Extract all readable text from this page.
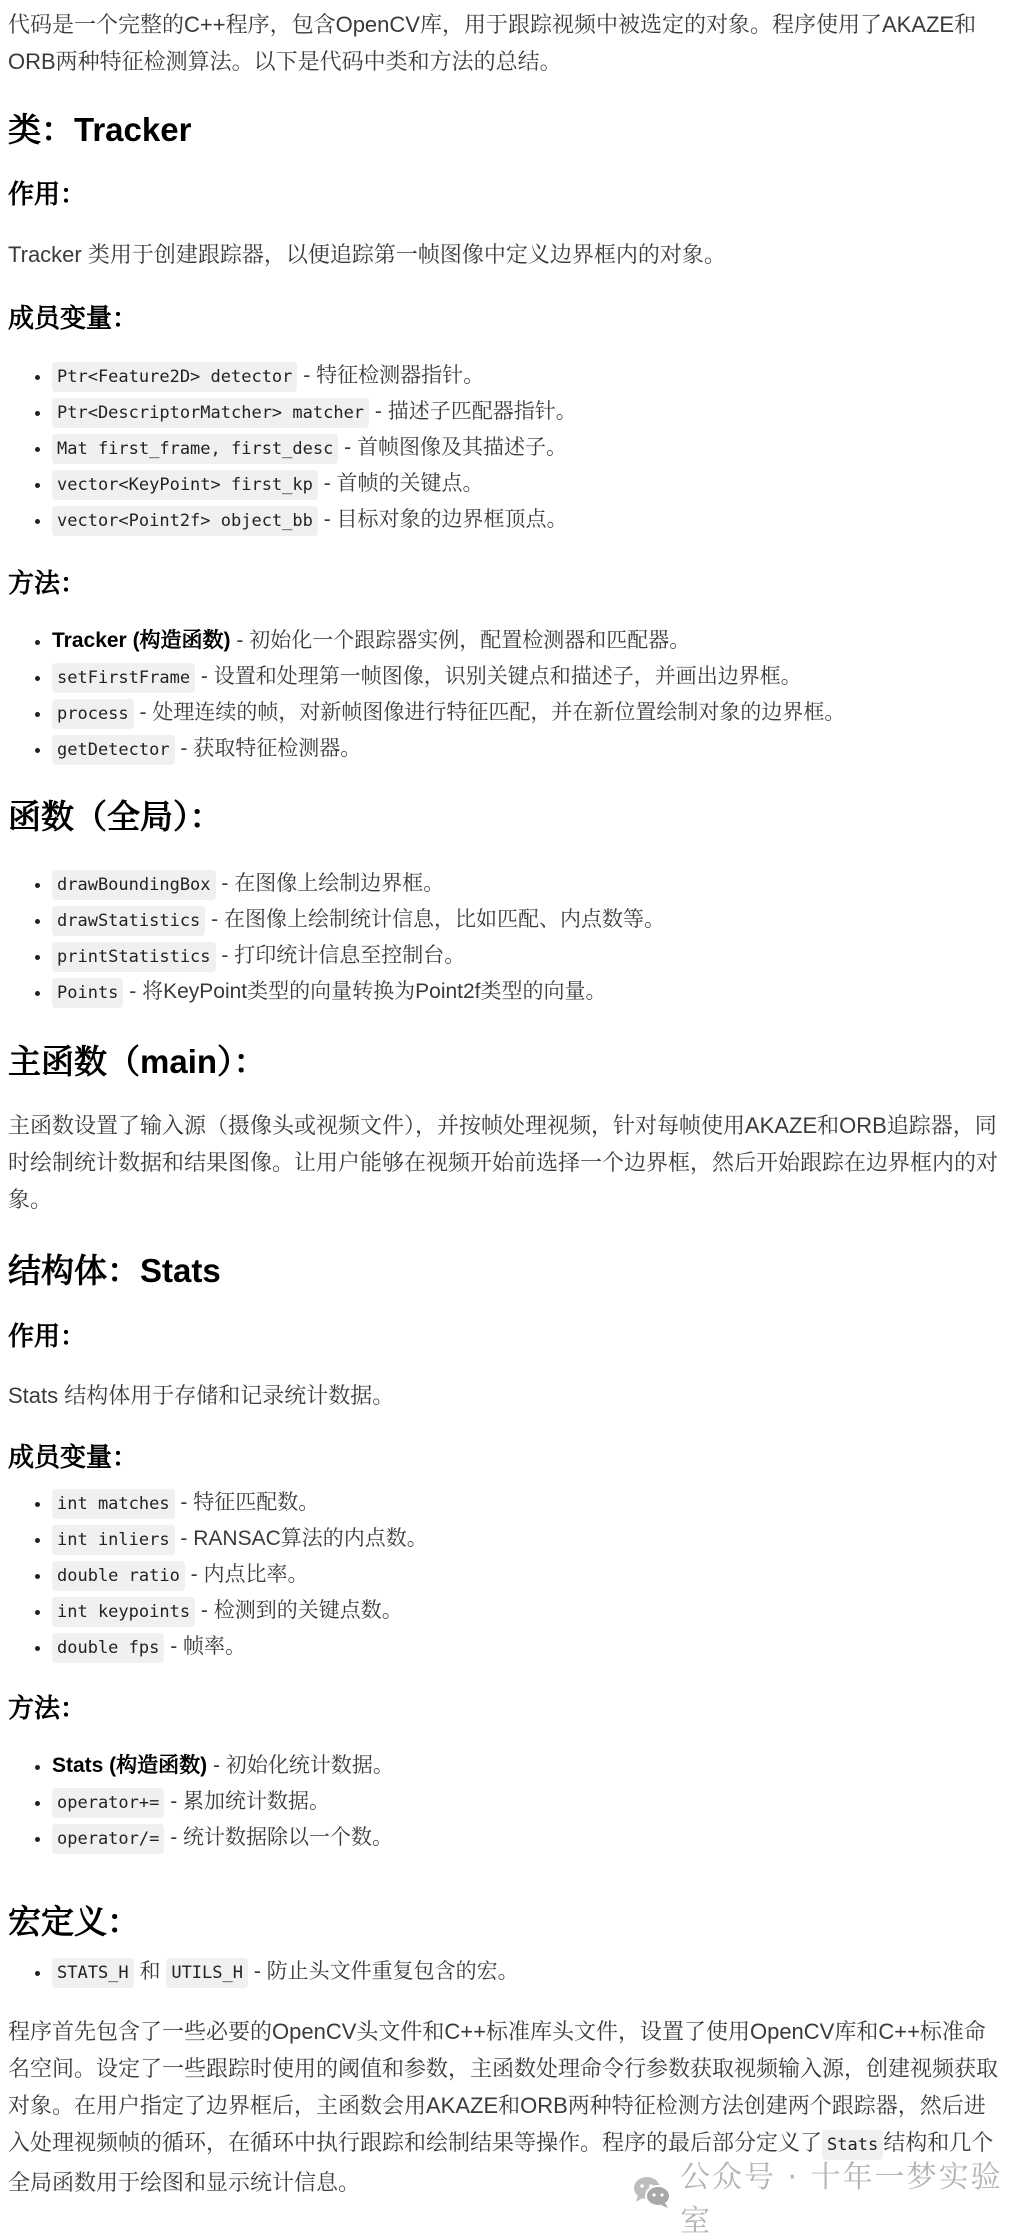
代码是一个完整的C++程序，包含OpenCV库，用于跟踪视频中被选定的对象。程序使用了AKAZE和ORB两种特征检测算法。以下是代码中类和方法的总结。

类：Tracker
作用：

Tracker 类用于创建跟踪器，以便追踪第一帧图像中定义边界框内的对象。

成员变量：
• Ptr<Feature2D> detector - 特征检测器指针。
• Ptr<DescriptorMatcher> matcher - 描述子匹配器指针。
• Mat first_frame, first_desc - 首帧图像及其描述子。
• vector<KeyPoint> first_kp - 首帧的关键点。
• vector<Point2f> object_bb - 目标对象的边界框顶点。
方法：
• Tracker (构造函数) - 初始化一个跟踪器实例，配置检测器和匹配器。
• setFirstFrame - 设置和处理第一帧图像，识别关键点和描述子，并画出边界框。
• process - 处理连续的帧，对新帧图像进行特征匹配，并在新位置绘制对象的边界框。
• getDetector - 获取特征检测器。
函数（全局）：
• drawBoundingBox - 在图像上绘制边界框。
• drawStatistics - 在图像上绘制统计信息，比如匹配、内点数等。
• printStatistics - 打印统计信息至控制台。
• Points - 将KeyPoint类型的向量转换为Point2f类型的向量。
主函数（main）：

主函数设置了输入源（摄像头或视频文件），并按帧处理视频，针对每帧使用AKAZE和ORB追踪器，同时绘制统计数据和结果图像。让用户能够在视频开始前选择一个边界框，然后开始跟踪在边界框内的对象。

结构体：Stats
作用：

Stats 结构体用于存储和记录统计数据。

成员变量：
• int matches - 特征匹配数。
• int inliers - RANSAC算法的内点数。
• double ratio - 内点比率。
• int keypoints - 检测到的关键点数。
• double fps - 帧率。
方法：
• Stats (构造函数) - 初始化统计数据。
• operator+= - 累加统计数据。
• operator/= - 统计数据除以一个数。
宏定义：
• STATS_H 和 UTILS_H - 防止头文件重复包含的宏。

程序首先包含了一些必要的OpenCV头文件和C++标准库头文件，设置了使用OpenCV库和C++标准命名空间。设定了一些跟踪时使用的阈值和参数，主函数处理命令行参数获取视频输入源，创建视频获取对象。在用户指定了边界框后，主函数会用AKAZE和ORB两种特征检测方法创建两个跟踪器，然后进入处理视频帧的循环，在循环中执行跟踪和绘制结果等操作。程序的最后部分定义了 Stats 结构和几个全局函数用于绘图和显示统计信息。	公众号 · 十年一梦实验室
